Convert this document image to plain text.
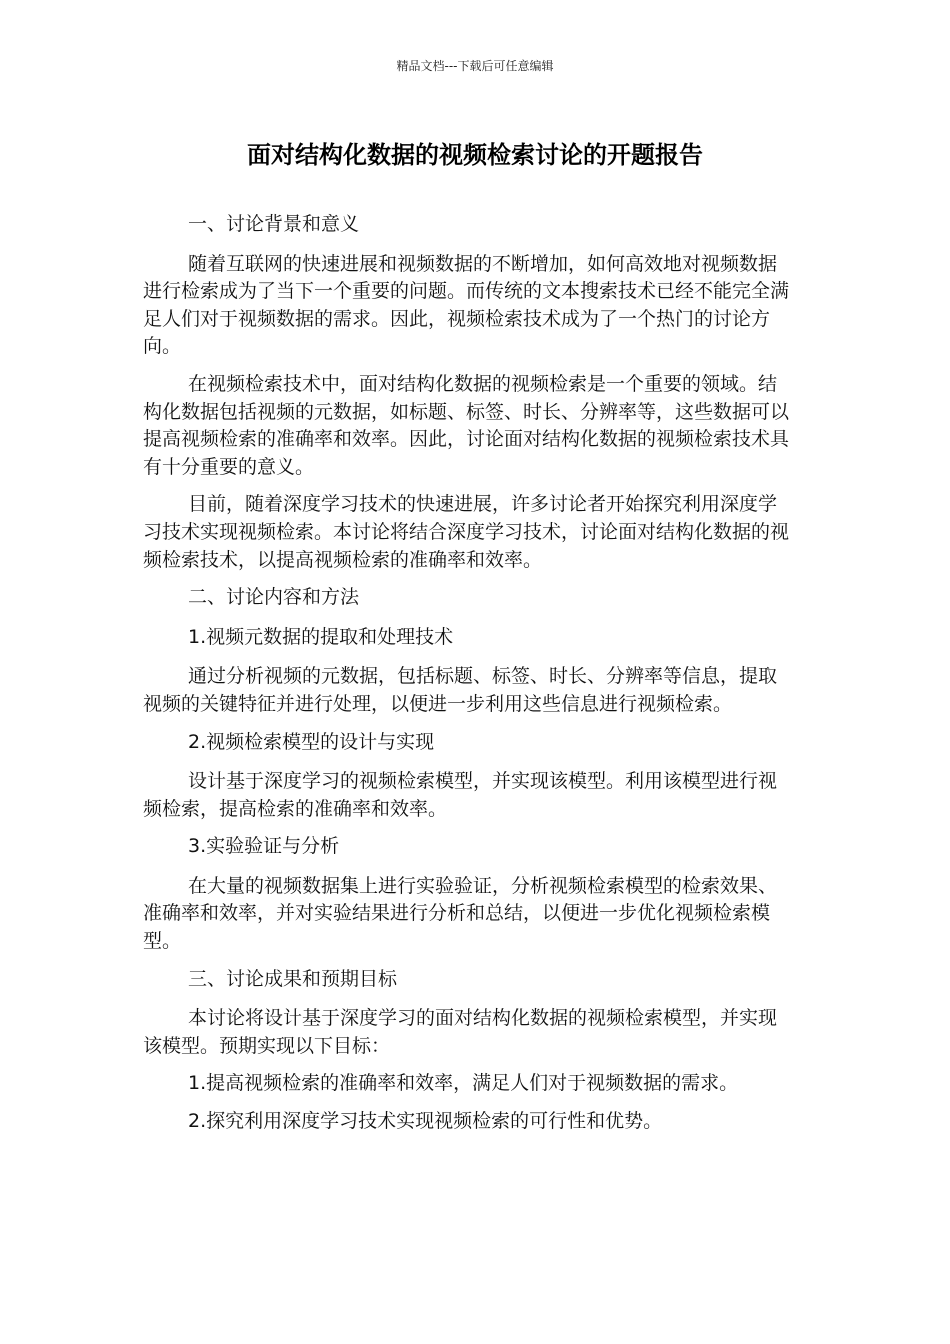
精品文档---下载后可任意编辑
面对结构化数据的视频检索讨论的开题报告

一、讨论背景和意义

随着互联网的快速进展和视频数据的不断增加，如何高效地对视频数据进行检索成为了当下一个重要的问题。而传统的文本搜索技术已经不能完全满足人们对于视频数据的需求。因此，视频检索技术成为了一个热门的讨论方向。

在视频检索技术中，面对结构化数据的视频检索是一个重要的领域。结构化数据包括视频的元数据，如标题、标签、时长、分辨率等，这些数据可以提高视频检索的准确率和效率。因此，讨论面对结构化数据的视频检索技术具有十分重要的意义。

目前，随着深度学习技术的快速进展，许多讨论者开始探究利用深度学习技术实现视频检索。本讨论将结合深度学习技术，讨论面对结构化数据的视频检索技术，以提高视频检索的准确率和效率。

二、讨论内容和方法

1.视频元数据的提取和处理技术

通过分析视频的元数据，包括标题、标签、时长、分辨率等信息，提取视频的关键特征并进行处理，以便进一步利用这些信息进行视频检索。

2.视频检索模型的设计与实现

设计基于深度学习的视频检索模型，并实现该模型。利用该模型进行视频检索，提高检索的准确率和效率。

3.实验验证与分析

在大量的视频数据集上进行实验验证，分析视频检索模型的检索效果、准确率和效率，并对实验结果进行分析和总结，以便进一步优化视频检索模型。

三、讨论成果和预期目标

本讨论将设计基于深度学习的面对结构化数据的视频检索模型，并实现该模型。预期实现以下目标：

1.提高视频检索的准确率和效率，满足人们对于视频数据的需求。

2.探究利用深度学习技术实现视频检索的可行性和优势。
